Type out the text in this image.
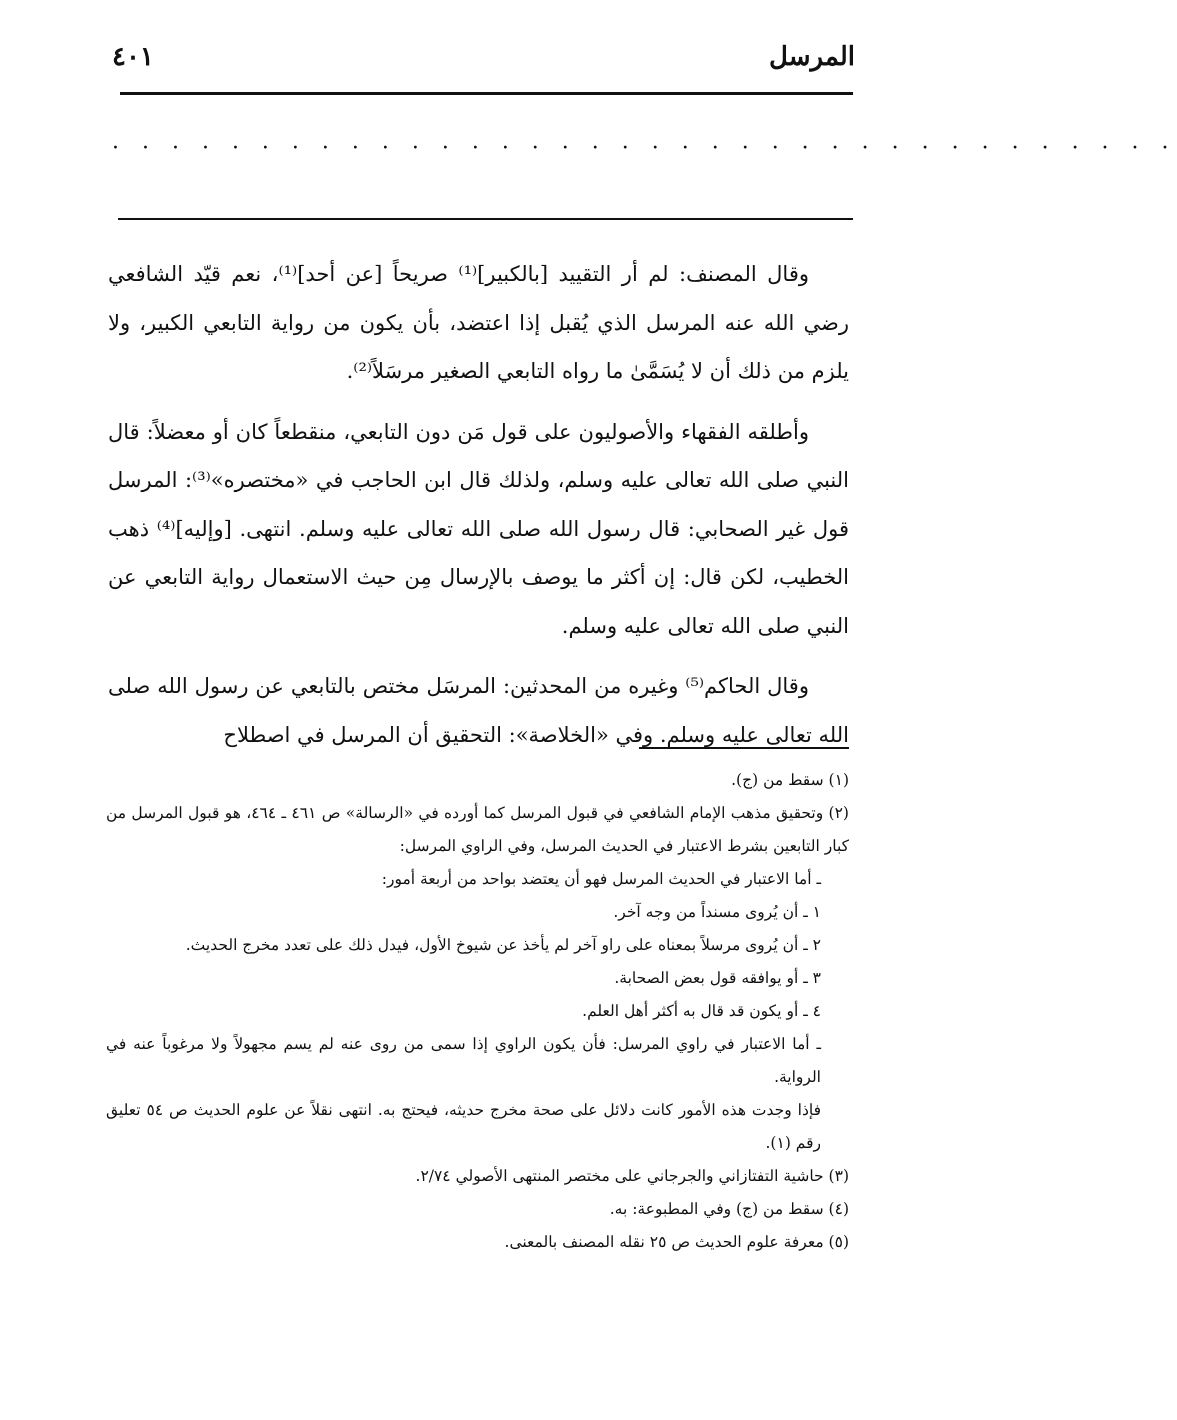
المرسل
٤٠١
· · · · · · · · · · · · · · · · · · · · · · · · · · · · · · · · · · · ·

وقال المصنف: لم أر التقييد [بالكبير]⁽¹⁾ صريحاً [عن أحد]⁽¹⁾، نعم قيّد الشافعي رضي الله عنه المرسل الذي يُقبل إذا اعتضد، بأن يكون من رواية التابعي الكبير، ولا يلزم من ذلك أن لا يُسَمَّىٰ ما رواه التابعي الصغير مرسَلاً⁽²⁾.

وأطلقه الفقهاء والأصوليون على قول مَن دون التابعي، منقطعاً كان أو معضلاً: قال النبي صلى الله تعالى عليه وسلم، ولذلك قال ابن الحاجب في «مختصره»⁽³⁾: المرسل قول غير الصحابي: قال رسول الله صلى الله تعالى عليه وسلم. انتهى. [وإليه]⁽⁴⁾ ذهب الخطيب، لكن قال: إن أكثر ما يوصف بالإرسال مِن حيث الاستعمال رواية التابعي عن النبي صلى الله تعالى عليه وسلم.

وقال الحاكم⁽⁵⁾ وغيره من المحدثين: المرسَل مختص بالتابعي عن رسول الله صلى الله تعالى عليه وسلم. وفي «الخلاصة»: التحقيق أن المرسل في اصطلاح

(١) سقط من (ج).

(٢) وتحقيق مذهب الإمام الشافعي في قبول المرسل كما أورده في «الرسالة» ص ٤٦١ ـ ٤٦٤، هو قبول المرسل من كبار التابعين بشرط الاعتبار في الحديث المرسل، وفي الراوي المرسل:

ـ أما الاعتبار في الحديث المرسل فهو أن يعتضد بواحد من أربعة أمور:

١ ـ أن يُروى مسنداً من وجه آخر.

٢ ـ أن يُروى مرسلاً بمعناه على راو آخر لم يأخذ عن شيوخ الأول، فيدل ذلك على تعدد مخرج الحديث.

٣ ـ أو يوافقه قول بعض الصحابة.

٤ ـ أو يكون قد قال به أكثر أهل العلم.

ـ أما الاعتبار في راوي المرسل: فأن يكون الراوي إذا سمى من روى عنه لم يسم مجهولاً ولا مرغوباً عنه في الرواية.

فإذا وجدت هذه الأمور كانت دلائل على صحة مخرج حديثه، فيحتج به. انتهى نقلاً عن علوم الحديث ص ٥٤ تعليق رقم (١).

(٣) حاشية التفتازاني والجرجاني على مختصر المنتهى الأصولي ٢/٧٤.

(٤) سقط من (ج) وفي المطبوعة: به.

(٥) معرفة علوم الحديث ص ٢٥ نقله المصنف بالمعنى.
